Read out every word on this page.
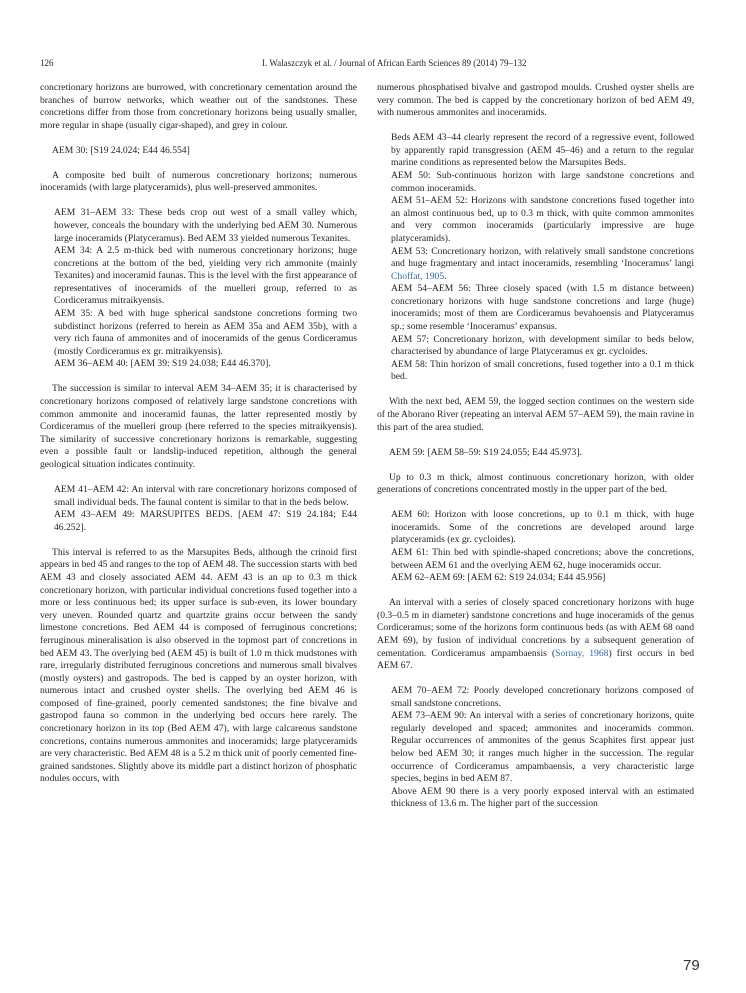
126	I. Walaszczyk et al. / Journal of African Earth Sciences 89 (2014) 79–132

concretionary horizons are burrowed, with concretionary cementation around the branches of burrow networks, which weather out of the sandstones. These concretions differ from those from concretionary horizons being usually smaller, more regular in shape (usually cigar-shaped), and grey in colour.

AEM 30: [S19 24.024; E44 46.554]

A composite bed built of numerous concretionary horizons; numerous inoceramids (with large platyceramids), plus well-preserved ammonites.

AEM 31–AEM 33: These beds crop out west of a small valley which, however, conceals the boundary with the underlying bed AEM 30. Numerous large inoceramids (Platyceramus). Bed AEM 33 yielded numerous Texanites.

AEM 34: A 2.5 m-thick bed with numerous concretionary horizons; huge concretions at the bottom of the bed, yielding very rich ammonite (mainly Texanites) and inoceramid faunas. This is the level with the first appearance of representatives of inoceramids of the muelleri group, referred to as Cordiceramus mitraikyensis.

AEM 35: A bed with huge spherical sandstone concretions forming two subdistinct horizons (referred to herein as AEM 35a and AEM 35b), with a very rich fauna of ammonites and of inoceramids of the genus Cordiceramus (mostly Cordiceramus ex gr. mitraikyensis).

AEM 36–AEM 40: [AEM 39: S19 24.038; E44 46.370].

The succession is similar to interval AEM 34–AEM 35; it is characterised by concretionary horizons composed of relatively large sandstone concretions with common ammonite and inoceramid faunas, the latter represented mostly by Cordiceramus of the muelleri group (here referred to the species mitraikyensis). The similarity of successive concretionary horizons is remarkable, suggesting even a possible fault or landslip-induced repetition, although the general geological situation indicates continuity.

AEM 41–AEM 42: An interval with rare concretionary horizons composed of small individual beds. The faunal content is similar to that in the beds below.

AEM 43–AEM 49: MARSUPITES BEDS. [AEM 47: S19 24.184; E44 46.252].

This interval is referred to as the Marsupites Beds, although the crinoid first appears in bed 45 and ranges to the top of AEM 48. The succession starts with bed AEM 43 and closely associated AEM 44. AEM 43 is an up to 0.3 m thick concretionary horizon, with particular individual concretions fused together into a more or less continuous bed; its upper surface is sub-even, its lower boundary very uneven. Rounded quartz and quartzite grains occur between the sandy limestone concretions. Bed AEM 44 is composed of ferruginous concretions; ferruginous mineralisation is also observed in the topmost part of concretions in bed AEM 43. The overlying bed (AEM 45) is built of 1.0 m thick mudstones with rare, irregularly distributed ferruginous concretions and numerous small bivalves (mostly oysters) and gastropods. The bed is capped by an oyster horizon, with numerous intact and crushed oyster shells. The overlying bed AEM 46 is composed of fine-grained, poorly cemented sandstones; the fine bivalve and gastropod fauna so common in the underlying bed occurs here rarely. The concretionary horizon in its top (Bed AEM 47), with large calcareous sandstone concretions, contains numerous ammonites and inoceramids; large platyceramids are very characteristic. Bed AEM 48 is a 5.2 m thick unit of poorly cemented fine-grained sandstones. Slightly above its middle part a distinct horizon of phosphatic nodules occurs, with

numerous phosphatised bivalve and gastropod moulds. Crushed oyster shells are very common. The bed is capped by the concretionary horizon of bed AEM 49, with numerous ammonites and inoceramids.

Beds AEM 43–44 clearly represent the record of a regressive event, followed by apparently rapid transgression (AEM 45–46) and a return to the regular marine conditions as represented below the Marsupites Beds.

AEM 50: Sub-continuous horizon with large sandstone concretions and common inoceramids.

AEM 51–AEM 52: Horizons with sandstone concretions fused together into an almost continuous bed, up to 0.3 m thick, with quite common ammonites and very common inoceramids (particularly impressive are huge platyceramids).

AEM 53: Concretionary horizon, with relatively small sandstone concretions and huge fragmentary and intact inoceramids, resembling ‘Inoceramus’ langi Choffat, 1905.

AEM 54–AEM 56: Three closely spaced (with 1.5 m distance between) concretionary horizons with huge sandstone concretions and large (huge) inoceramids; most of them are Cordiceramus bevahoensis and Platyceramus sp.; some resemble ‘Inoceramus’ expansus.

AEM 57: Concretionary horizon, with development similar to beds below, characterised by abundance of large Platyceramus ex gr. cycloides.

AEM 58: Thin horizon of small concretions, fused together into a 0.1 m thick bed.

With the next bed, AEM 59, the logged section continues on the western side of the Aborano River (repeating an interval AEM 57–AEM 59), the main ravine in this part of the area studied.

AEM 59: [AEM 58–59: S19 24.055; E44 45.973].

Up to 0.3 m thick, almost continuous concretionary horizon, with older generations of concretions concentrated mostly in the upper part of the bed.

AEM 60: Horizon with loose concretions, up to 0.1 m thick, with huge inoceramids. Some of the concretions are developed around large platyceramids (ex gr. cycloides).

AEM 61: Thin bed with spindle-shaped concretions; above the concretions, between AEM 61 and the overlying AEM 62, huge inoceramids occur.

AEM 62–AEM 69: [AEM 62: S19 24.034; E44 45.956]

An interval with a series of closely spaced concretionary horizons with huge (0.3–0.5 m in diameter) sandstone concretions and huge inoceramids of the genus Cordiceramus; some of the horizons form continuous beds (as with AEM 68 oand AEM 69), by fusion of individual concretions by a subsequent generation of cementation. Cordiceramus ampambaensis (Sornay, 1968) first occurs in bed AEM 67.

AEM 70–AEM 72: Poorly developed concretionary horizons composed of small sandstone concretions.

AEM 73–AEM 90: An interval with a series of concretionary horizons, quite regularly developed and spaced; ammonites and inoceramids common. Regular occurrences of ammonites of the genus Scaphites first appear just below bed AEM 30; it ranges much higher in the succession. The regular occurrence of Cordiceramus ampambaensis, a very characteristic large species, begins in bed AEM 87.

Above AEM 90 there is a very poorly exposed interval with an estimated thickness of 13.6 m. The higher part of the succession

79
